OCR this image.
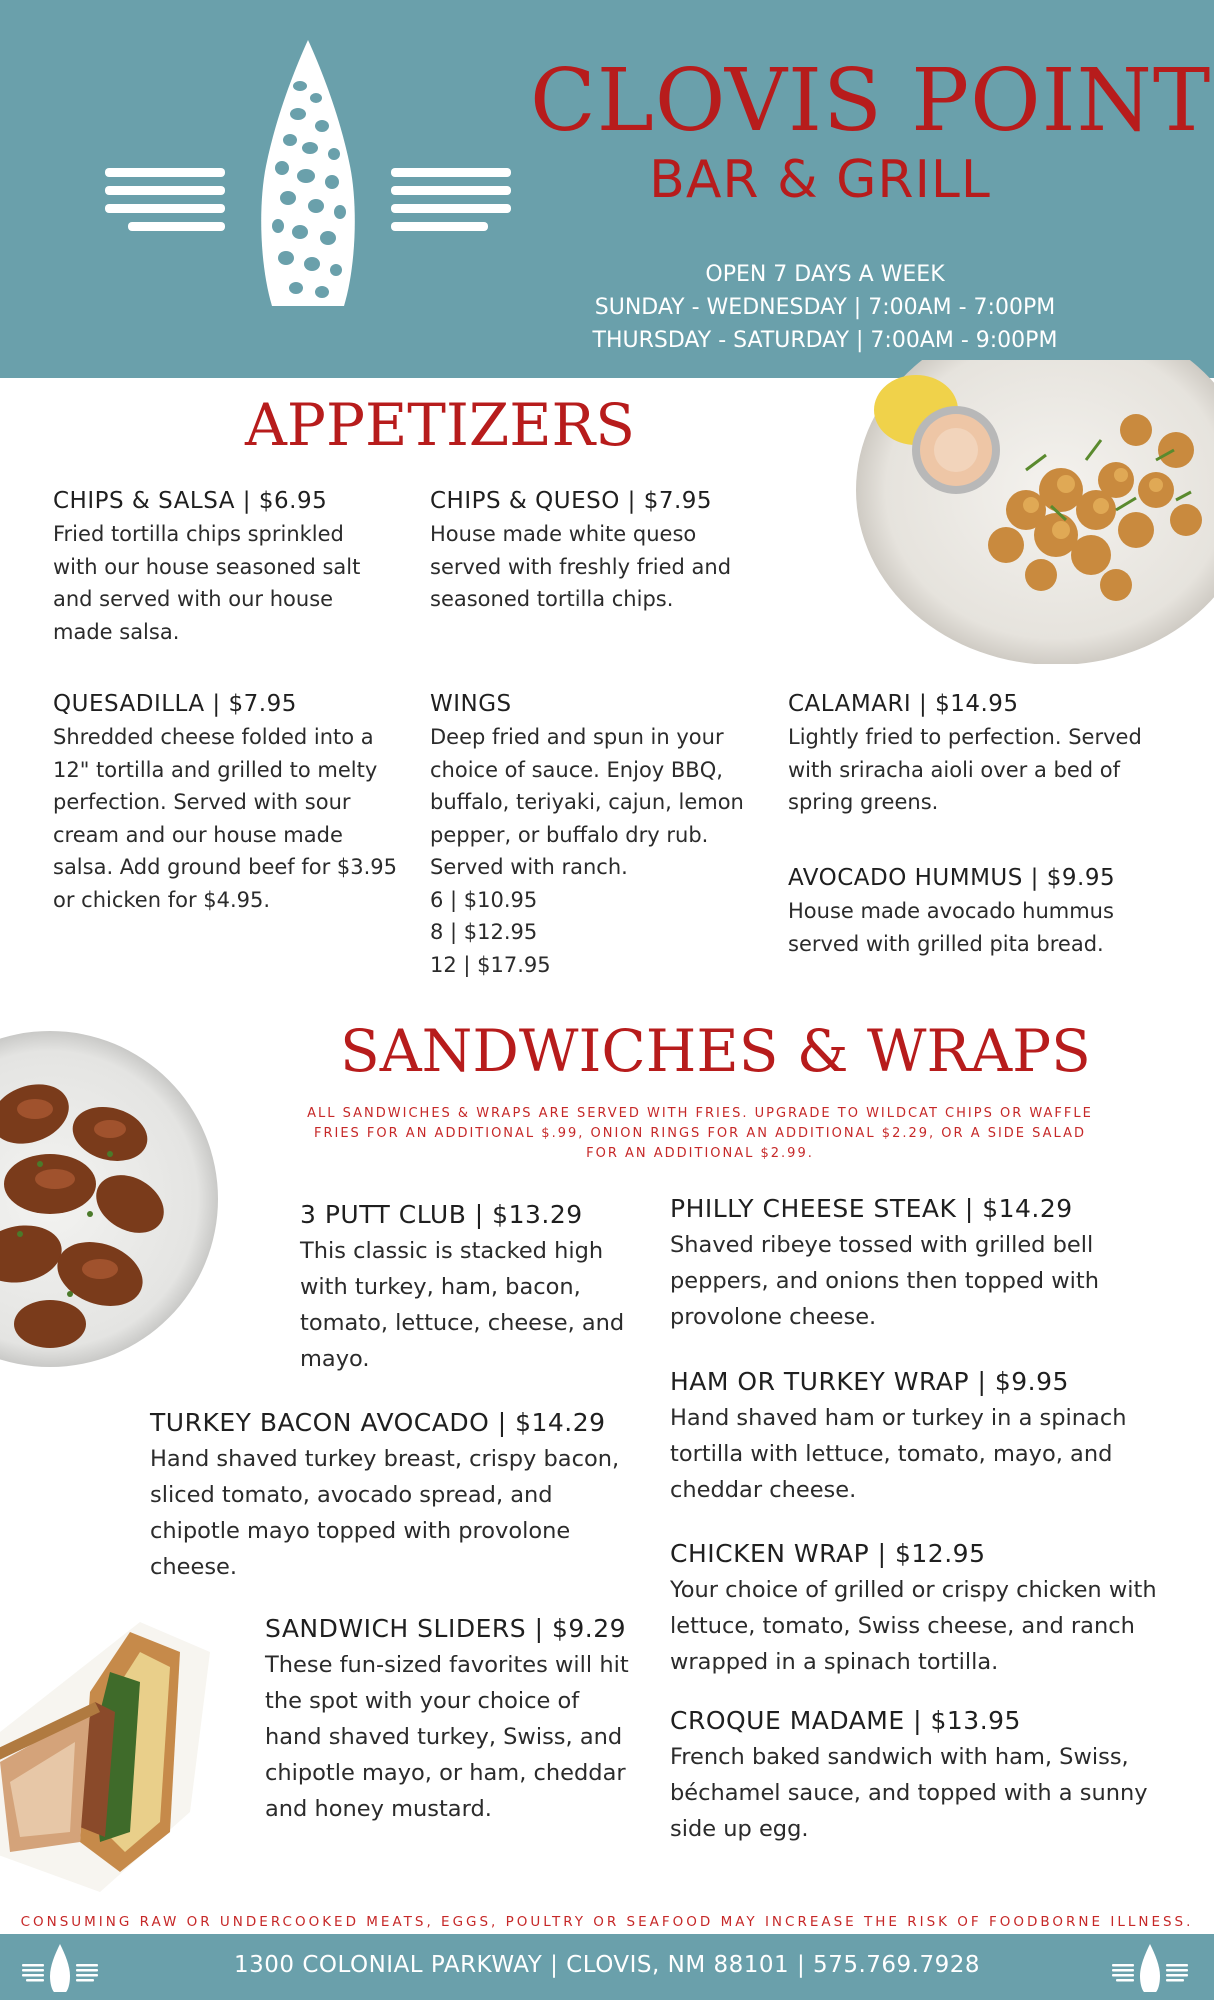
CLOVIS POINT
BAR & GRILL
OPEN 7 DAYS A WEEK
SUNDAY - WEDNESDAY | 7:00AM - 7:00PM
THURSDAY - SATURDAY | 7:00AM - 9:00PM
APPETIZERS
CHIPS & SALSA | $6.95
Fried tortilla chips sprinkled with our house seasoned salt and served with our house made salsa.
CHIPS & QUESO | $7.95
House made white queso served with freshly fried and seasoned tortilla chips.
QUESADILLA | $7.95
Shredded cheese folded into a 12" tortilla and grilled to melty perfection. Served with sour cream and our house made salsa. Add ground beef for $3.95 or chicken for $4.95.
WINGS
Deep fried and spun in your choice of sauce. Enjoy BBQ, buffalo, teriyaki, cajun, lemon pepper, or buffalo dry rub. Served with ranch.
6 | $10.95
8 | $12.95
12 | $17.95
CALAMARI | $14.95
Lightly fried to perfection. Served with sriracha aioli over a bed of spring greens.
AVOCADO HUMMUS | $9.95
House made avocado hummus served with grilled pita bread.
SANDWICHES & WRAPS
ALL SANDWICHES & WRAPS ARE SERVED WITH FRIES. UPGRADE TO WILDCAT CHIPS OR WAFFLE FRIES FOR AN ADDITIONAL $.99, ONION RINGS FOR AN ADDITIONAL $2.29, OR A SIDE SALAD FOR AN ADDITIONAL $2.99.
3 PUTT CLUB | $13.29
This classic is stacked high with turkey, ham, bacon, tomato, lettuce, cheese, and mayo.
TURKEY BACON AVOCADO | $14.29
Hand shaved turkey breast, crispy bacon, sliced tomato, avocado spread, and chipotle mayo topped with provolone cheese.
SANDWICH SLIDERS | $9.29
These fun-sized favorites will hit the spot with your choice of hand shaved turkey, Swiss, and chipotle mayo, or ham, cheddar and honey mustard.
PHILLY CHEESE STEAK | $14.29
Shaved ribeye tossed with grilled bell peppers, and onions then topped with provolone cheese.
HAM OR TURKEY WRAP | $9.95
Hand shaved ham or turkey in a spinach tortilla with lettuce, tomato, mayo, and cheddar cheese.
CHICKEN WRAP | $12.95
Your choice of grilled or crispy chicken with lettuce, tomato, Swiss cheese, and ranch wrapped in a spinach tortilla.
CROQUE MADAME | $13.95
French baked sandwich with ham, Swiss, béchamel sauce, and topped with a sunny side up egg.
CONSUMING RAW OR UNDERCOOKED MEATS, EGGS, POULTRY OR SEAFOOD MAY INCREASE THE RISK OF FOODBORNE ILLNESS.
1300 COLONIAL PARKWAY | CLOVIS, NM 88101 | 575.769.7928
